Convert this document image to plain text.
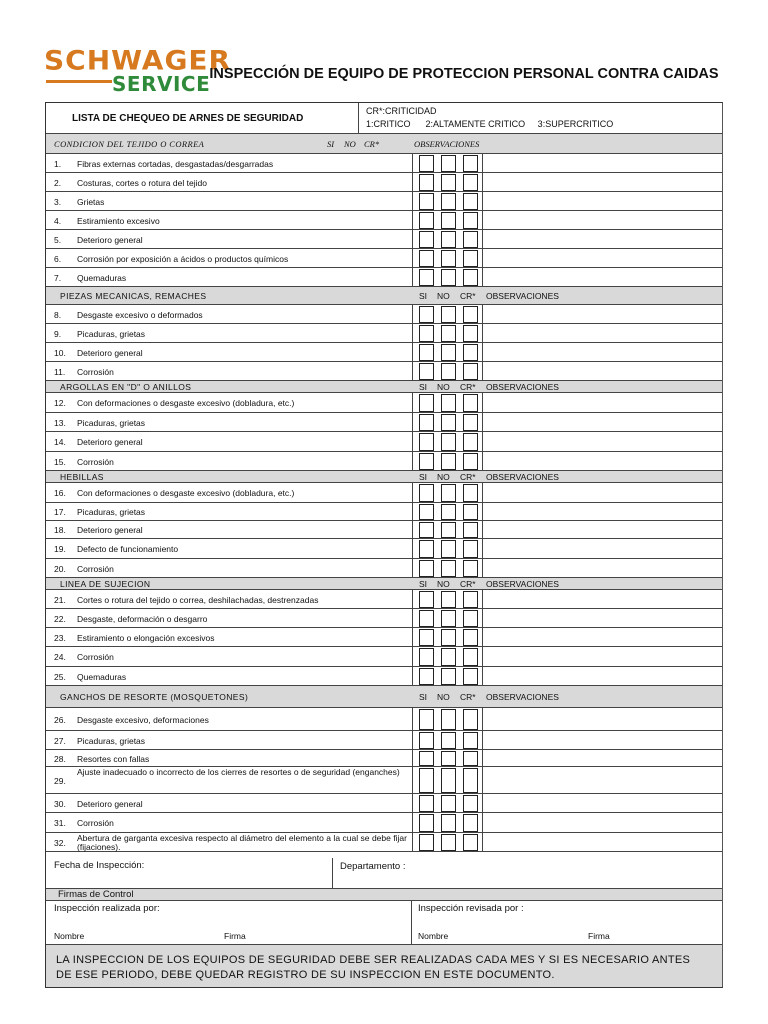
SCHWAGER
SERVICE INSPECCIÓN DE EQUIPO DE PROTECCION PERSONAL CONTRA CAIDAS
LISTA DE CHEQUEO DE ARNES DE SEGURIDAD
CR*:CRITICIDAD
1:CRITICO      2:ALTAMENTE CRITICO     3:SUPERCRITICO
CONDICION DEL TEJIDO O CORREA	SI NO CR*	OBSERVACIONES
1. Fibras externas cortadas, desgastadas/desgarradas
2. Costuras, cortes o rotura del tejido
3. Grietas
4. Estiramiento excesivo
5. Deterioro general
6. Corrosión por exposición a ácidos o productos químicos
7. Quemaduras
PIEZAS MECANICAS, REMACHES	SI NO CR* OBSERVACIONES
8. Desgaste excesivo o deformados
9. Picaduras, grietas
10. Deterioro general
11. Corrosión
ARGOLLAS EN "D" O ANILLOS	SI NO CR* OBSERVACIONES
12. Con deformaciones o desgaste excesivo (dobladura, etc.)
13. Picaduras, grietas
14. Deterioro general
15. Corrosión
HEBILLAS	SI NO CR* OBSERVACIONES
16. Con deformaciones o desgaste excesivo (dobladura, etc.)
17. Picaduras, grietas
18. Deterioro general
19. Defecto de funcionamiento
20. Corrosión
LINEA DE SUJECION	SI NO CR* OBSERVACIONES
21. Cortes o rotura del tejido o correa, deshilachadas, destrenzadas
22. Desgaste, deformación o desgarro
23. Estiramiento o elongación excesivos
24. Corrosión
25. Quemaduras
GANCHOS DE RESORTE (MOSQUETONES)	SI NO CR* OBSERVACIONES
26. Desgaste excesivo, deformaciones
27. Picaduras, grietas
28. Resortes con fallas
29.
Ajuste inadecuado o incorrecto de los cierres de resortes o de seguridad (enganches)
30. Deterioro general
31. Corrosión
32. Abertura de garganta excesiva respecto al diámetro del elemento a la cual se debe fijar (fijaciones).
Fecha de Inspección:	Departamento :
Firmas de Control
Inspección realizada por:	Inspección revisada por :
Nombre	Firma	Nombre	Firma
LA INSPECCION DE LOS EQUIPOS DE SEGURIDAD DEBE SER REALIZADAS CADA MES Y SI ES NECESARIO ANTES DE ESE PERIODO, DEBE QUEDAR REGISTRO DE SU INSPECCION EN ESTE DOCUMENTO.
